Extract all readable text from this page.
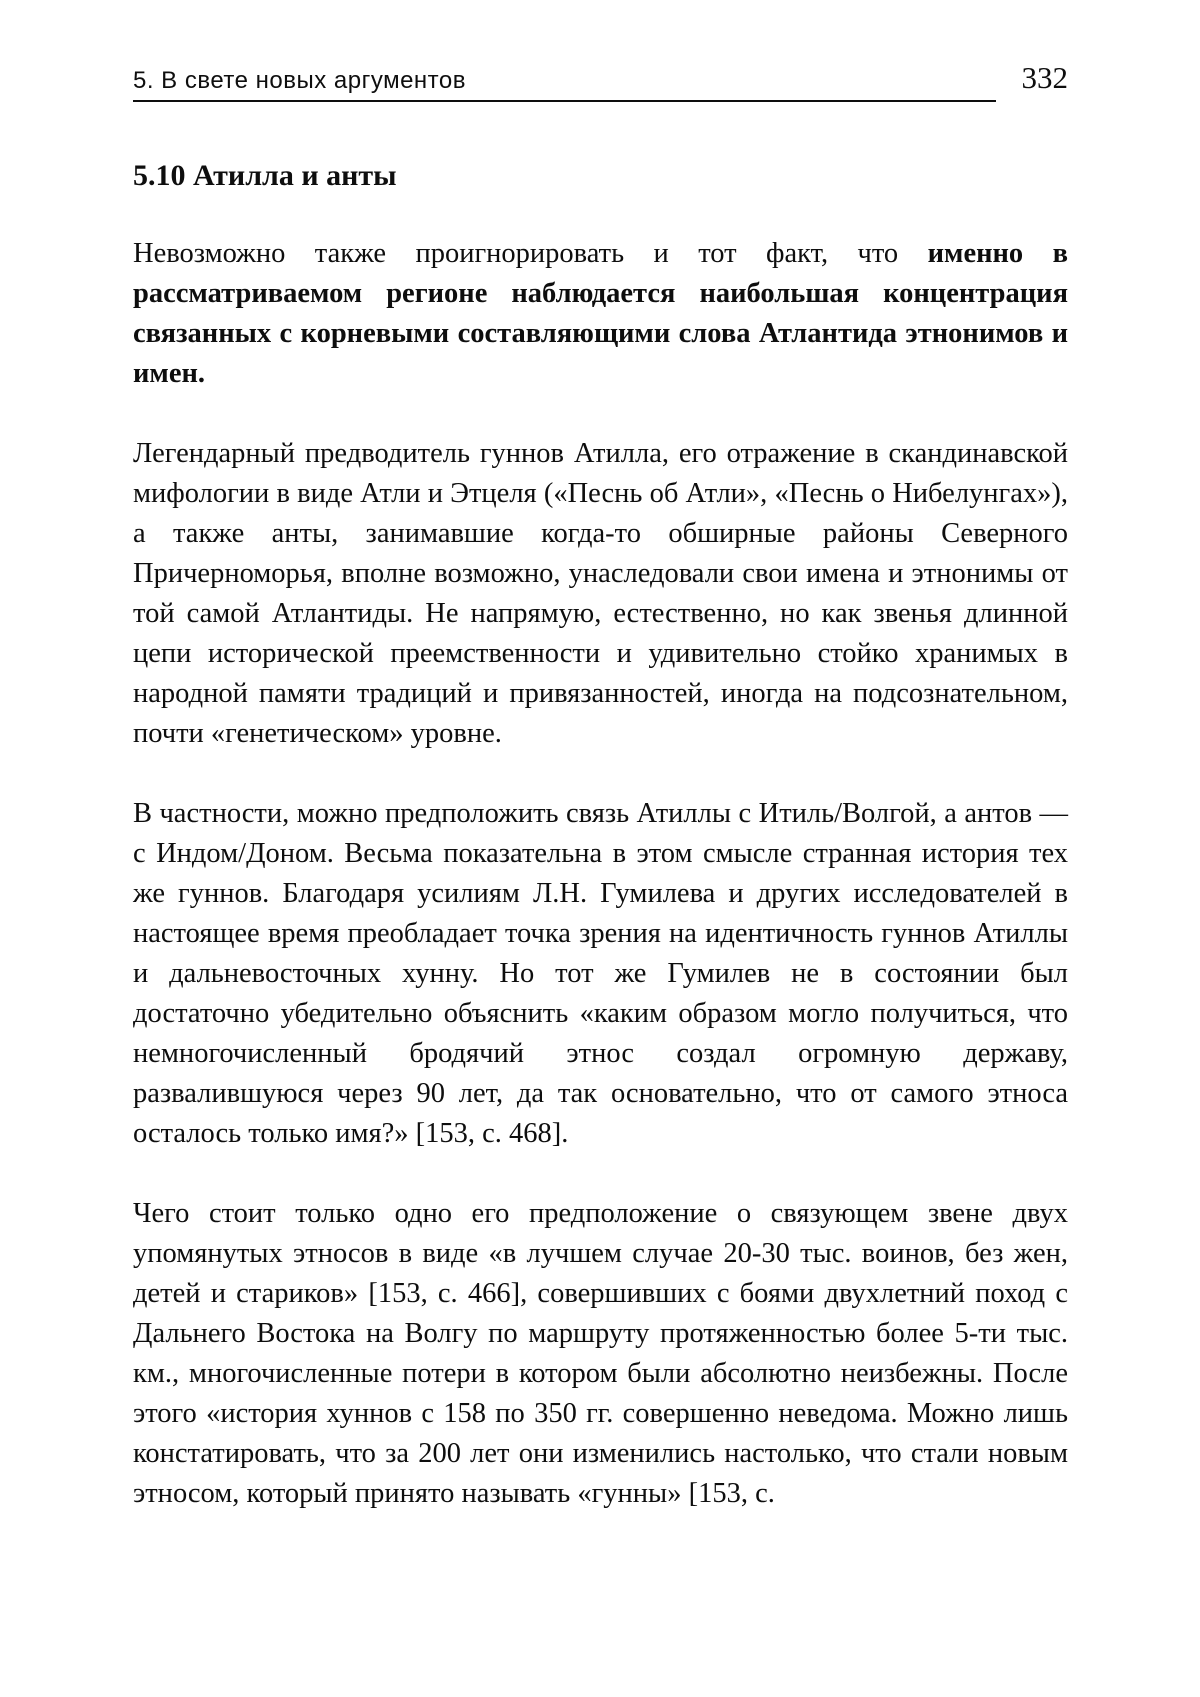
5. В свете новых аргументов	332
5.10 Атилла и анты

Невозможно также проигнорировать и тот факт, что именно в рассматриваемом регионе наблюдается наибольшая концентрация связанных с корневыми составляющими слова Атлантида этнонимов и имен.

Легендарный предводитель гуннов Атилла, его отражение в скандинавской мифологии в виде Атли и Этцеля («Песнь об Атли», «Песнь о Нибелунгах»), а также анты, занимавшие когда-то обширные районы Северного Причерноморья, вполне возможно, унаследовали свои имена и этнонимы от той самой Атлантиды. Не напрямую, естественно, но как звенья длинной цепи исторической преемственности и удивительно стойко хранимых в народной памяти традиций и привязанностей, иногда на подсознательном, почти «генетическом» уровне.

В частности, можно предположить связь Атиллы с Итиль/Волгой, а антов — с Индом/Доном. Весьма показательна в этом смысле странная история тех же гуннов. Благодаря усилиям Л.Н. Гумилева и других исследователей в настоящее время преобладает точка зрения на идентичность гуннов Атиллы и дальневосточных хунну. Но тот же Гумилев не в состоянии был достаточно убедительно объяснить «каким образом могло получиться, что немногочисленный бродячий этнос создал огромную державу, развалившуюся через 90 лет, да так основательно, что от самого этноса осталось только имя?» [153, с. 468].

Чего стоит только одно его предположение о связующем звене двух упомянутых этносов в виде «в лучшем случае 20-30 тыс. воинов, без жен, детей и стариков» [153, с. 466], совершивших с боями двухлетний поход с Дальнего Востока на Волгу по маршруту протяженностью более 5-ти тыс. км., многочисленные потери в котором были абсолютно неизбежны. После этого «история хуннов с 158 по 350 гг. совершенно неведома. Можно лишь констатировать, что за 200 лет они изменились настолько, что стали новым этносом, который принято называть «гунны» [153, с.
